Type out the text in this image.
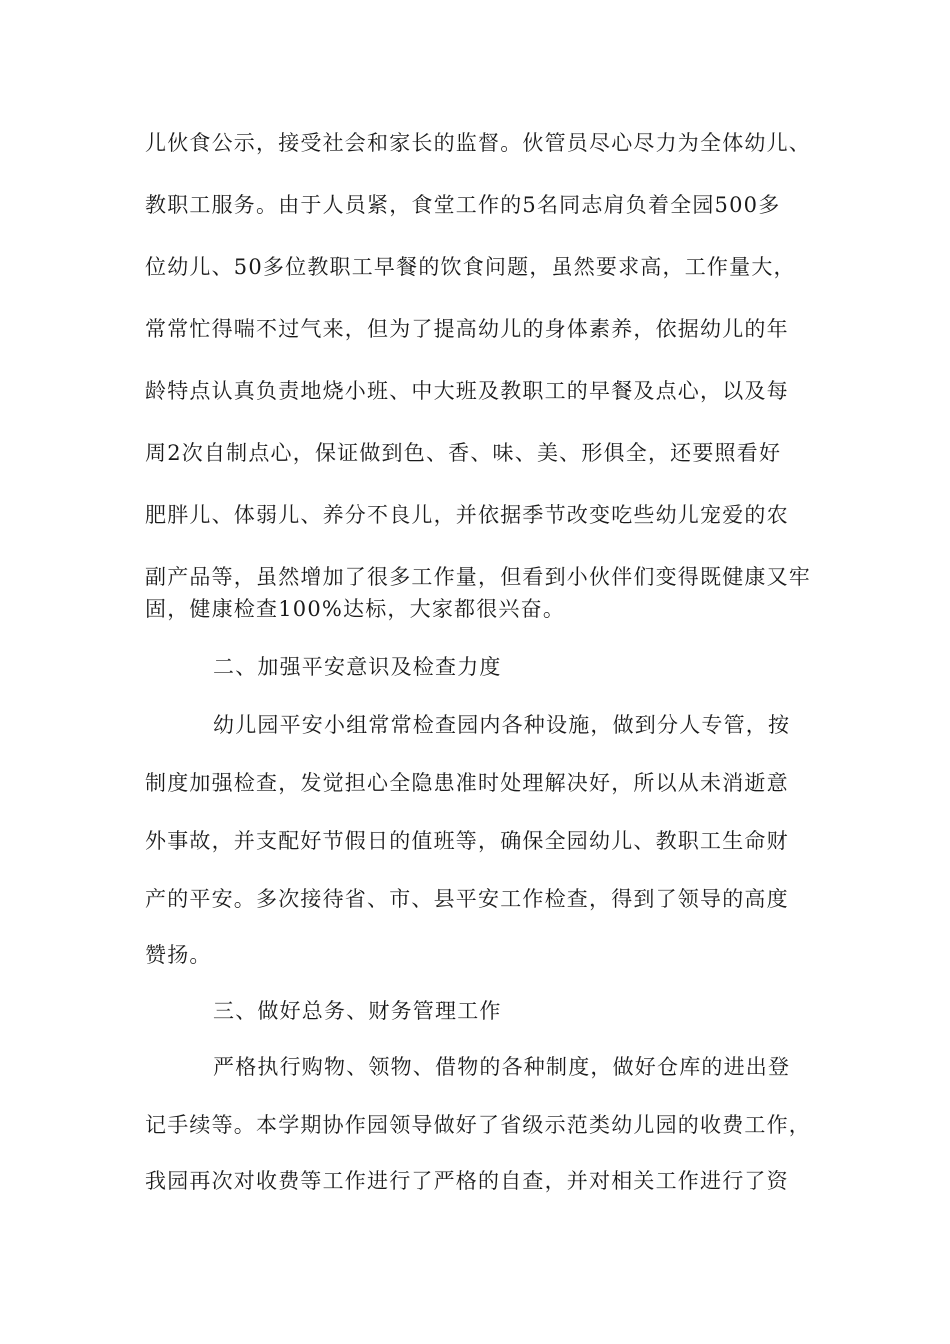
儿伙食公示，接受社会和家长的监督。伙管员尽心尽力为全体幼儿、
教职工服务。由于人员紧，食堂工作的5名同志肩负着全园500多
位幼儿、50多位教职工早餐的饮食问题，虽然要求高，工作量大，
常常忙得喘不过气来，但为了提高幼儿的身体素养，依据幼儿的年
龄特点认真负责地烧小班、中大班及教职工的早餐及点心，以及每
周2次自制点心，保证做到色、香、味、美、形俱全，还要照看好
肥胖儿、体弱儿、养分不良儿，并依据季节改变吃些幼儿宠爱的农
副产品等，虽然增加了很多工作量，但看到小伙伴们变得既健康又牢
固，健康检查100%达标，大家都很兴奋。
二、加强平安意识及检查力度
幼儿园平安小组常常检查园内各种设施，做到分人专管，按
制度加强检查，发觉担心全隐患准时处理解决好，所以从未消逝意
外事故，并支配好节假日的值班等，确保全园幼儿、教职工生命财
产的平安。多次接待省、市、县平安工作检查，得到了领导的高度
赞扬。
三、做好总务、财务管理工作
严格执行购物、领物、借物的各种制度，做好仓库的进出登
记手续等。本学期协作园领导做好了省级示范类幼儿园的收费工作，
我园再次对收费等工作进行了严格的自查，并对相关工作进行了资
